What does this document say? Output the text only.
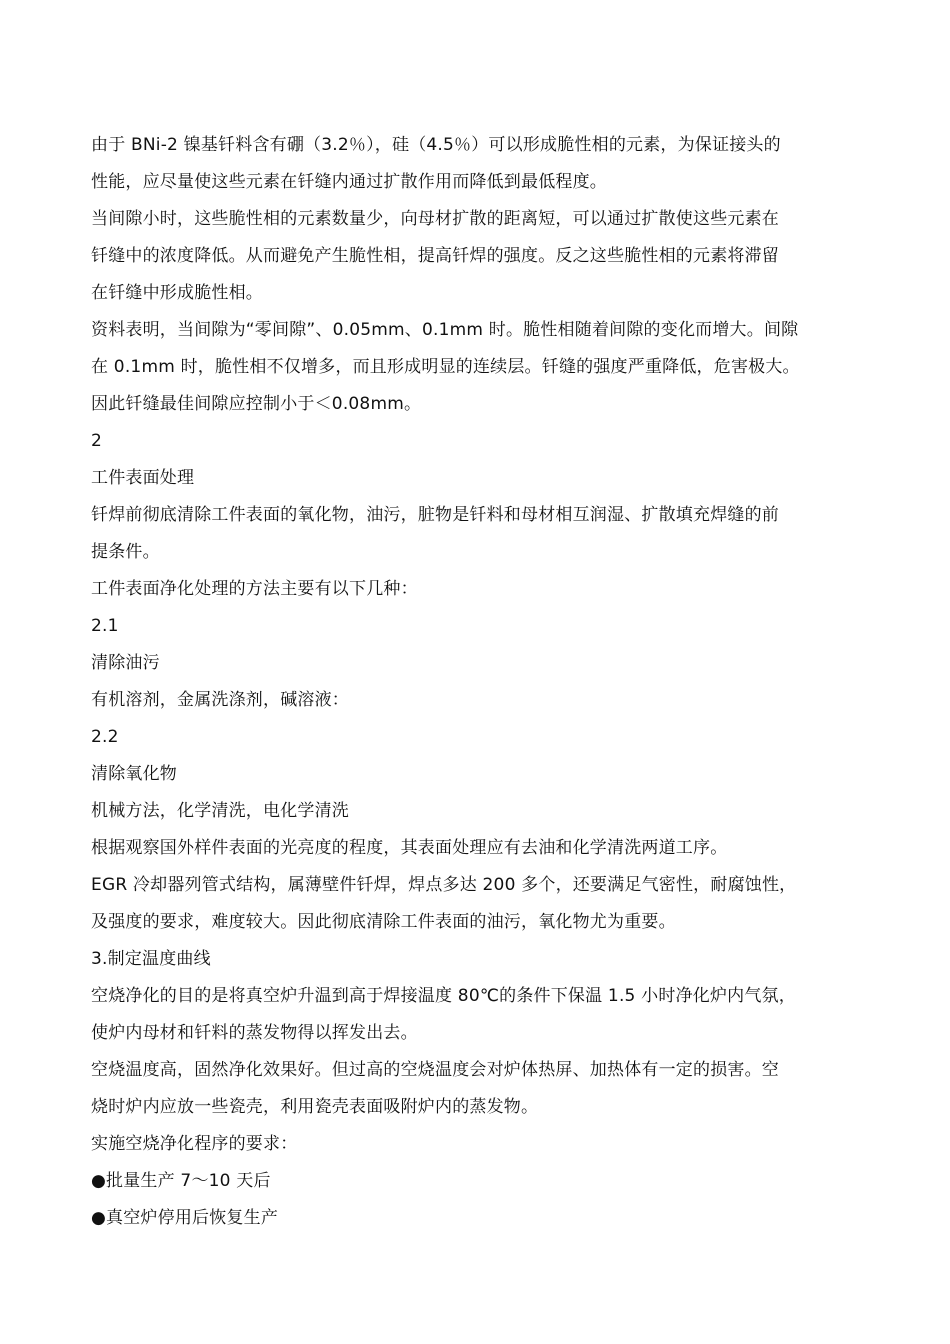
由于 BNi-2 镍基钎料含有硼（3.2％），硅（4.5％）可以形成脆性相的元素，为保证接头的
性能，应尽量使这些元素在钎缝内通过扩散作用而降低到最低程度。
当间隙小时，这些脆性相的元素数量少，向母材扩散的距离短，可以通过扩散使这些元素在
钎缝中的浓度降低。从而避免产生脆性相，提高钎焊的强度。反之这些脆性相的元素将滞留
在钎缝中形成脆性相。
资料表明，当间隙为“零间隙”、0.05mm、0.1mm 时。脆性相随着间隙的变化而增大。间隙
在 0.1mm 时，脆性相不仅增多，而且形成明显的连续层。钎缝的强度严重降低，危害极大。
因此钎缝最佳间隙应控制小于＜0.08mm。
2
工件表面处理
钎焊前彻底清除工件表面的氧化物，油污，脏物是钎料和母材相互润湿、扩散填充焊缝的前
提条件。
工件表面净化处理的方法主要有以下几种：
2.1
清除油污
有机溶剂，金属洗涤剂，碱溶液：
2.2
清除氧化物
机械方法，化学清洗，电化学清洗
根据观察国外样件表面的光亮度的程度，其表面处理应有去油和化学清洗两道工序。
EGR 冷却器列管式结构，属薄壁件钎焊，焊点多达 200 多个，还要满足气密性，耐腐蚀性，
及强度的要求，难度较大。因此彻底清除工件表面的油污，氧化物尤为重要。
3.制定温度曲线
空烧净化的目的是将真空炉升温到高于焊接温度 80℃的条件下保温 1.5 小时净化炉内气氛，
使炉内母材和钎料的蒸发物得以挥发出去。
空烧温度高，固然净化效果好。但过高的空烧温度会对炉体热屏、加热体有一定的损害。空
烧时炉内应放一些瓷壳，利用瓷壳表面吸附炉内的蒸发物。
实施空烧净化程序的要求：
●批量生产 7～10 天后
●真空炉停用后恢复生产
